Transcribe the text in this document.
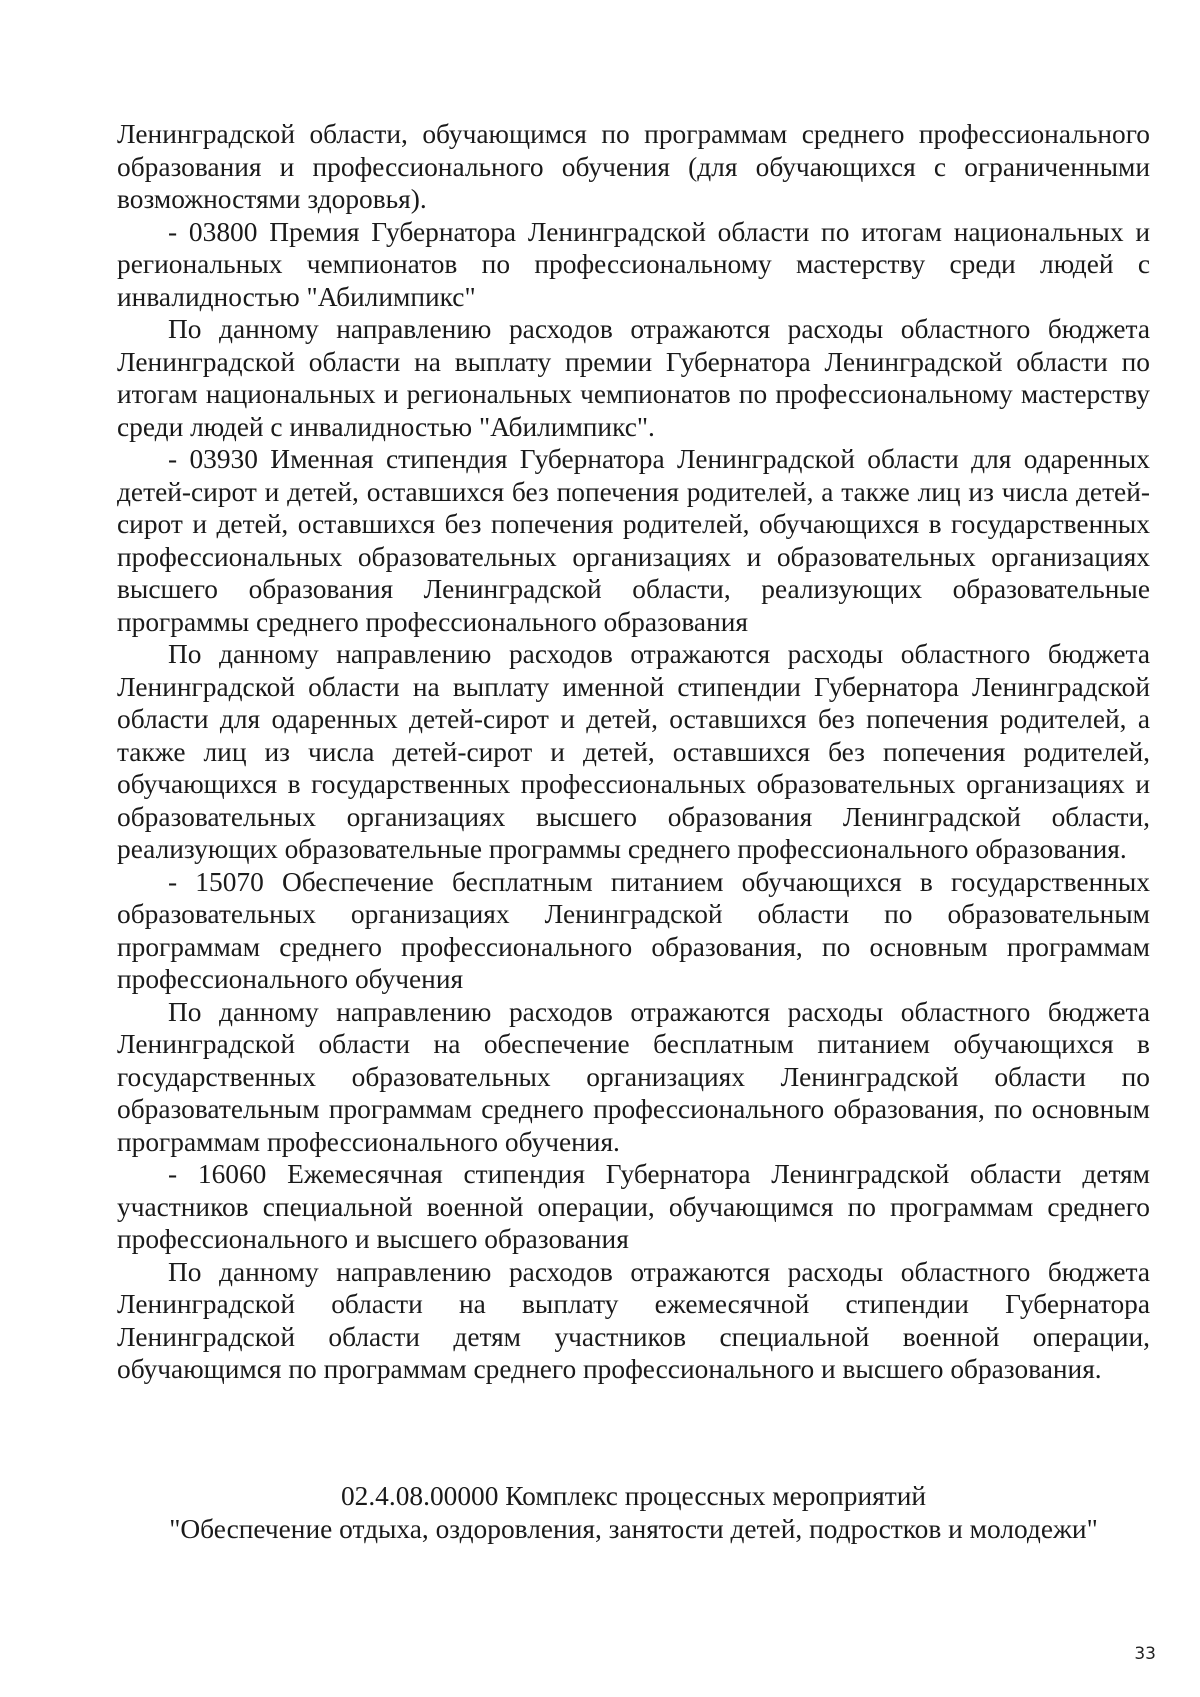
Ленинградской области, обучающимся по программам среднего профессионального образования и профессионального обучения (для обучающихся с ограниченными возможностями здоровья).

- 03800 Премия Губернатора Ленинградской области по итогам национальных и региональных чемпионатов по профессиональному мастерству среди людей с инвалидностью "Абилимпикс"

По данному направлению расходов отражаются расходы областного бюджета Ленинградской области на выплату премии Губернатора Ленинградской области по итогам национальных и региональных чемпионатов по профессиональному мастерству среди людей с инвалидностью "Абилимпикс".

- 03930 Именная стипендия Губернатора Ленинградской области для одаренных детей-сирот и детей, оставшихся без попечения родителей, а также лиц из числа детей-сирот и детей, оставшихся без попечения родителей, обучающихся в государственных профессиональных образовательных организациях и образовательных организациях высшего образования Ленинградской области, реализующих образовательные программы среднего профессионального образования

По данному направлению расходов отражаются расходы областного бюджета Ленинградской области на выплату именной стипендии Губернатора Ленинградской области для одаренных детей-сирот и детей, оставшихся без попечения родителей, а также лиц из числа детей-сирот и детей, оставшихся без попечения родителей, обучающихся в государственных профессиональных образовательных организациях и образовательных организациях высшего образования Ленинградской области, реализующих образовательные программы среднего профессионального образования.

- 15070 Обеспечение бесплатным питанием обучающихся в государственных образовательных организациях Ленинградской области по образовательным программам среднего профессионального образования, по основным программам профессионального обучения

По данному направлению расходов отражаются расходы областного бюджета Ленинградской области на обеспечение бесплатным питанием обучающихся в государственных образовательных организациях Ленинградской области по образовательным программам среднего профессионального образования, по основным программам профессионального обучения.

- 16060 Ежемесячная стипендия Губернатора Ленинградской области детям участников специальной военной операции, обучающимся по программам среднего профессионального и высшего образования

По данному направлению расходов отражаются расходы областного бюджета Ленинградской области на выплату ежемесячной стипендии Губернатора Ленинградской области детям участников специальной военной операции, обучающимся по программам среднего профессионального и высшего образования.

02.4.08.00000 Комплекс процессных мероприятий
"Обеспечение отдыха, оздоровления, занятости детей, подростков и молодежи"
33
